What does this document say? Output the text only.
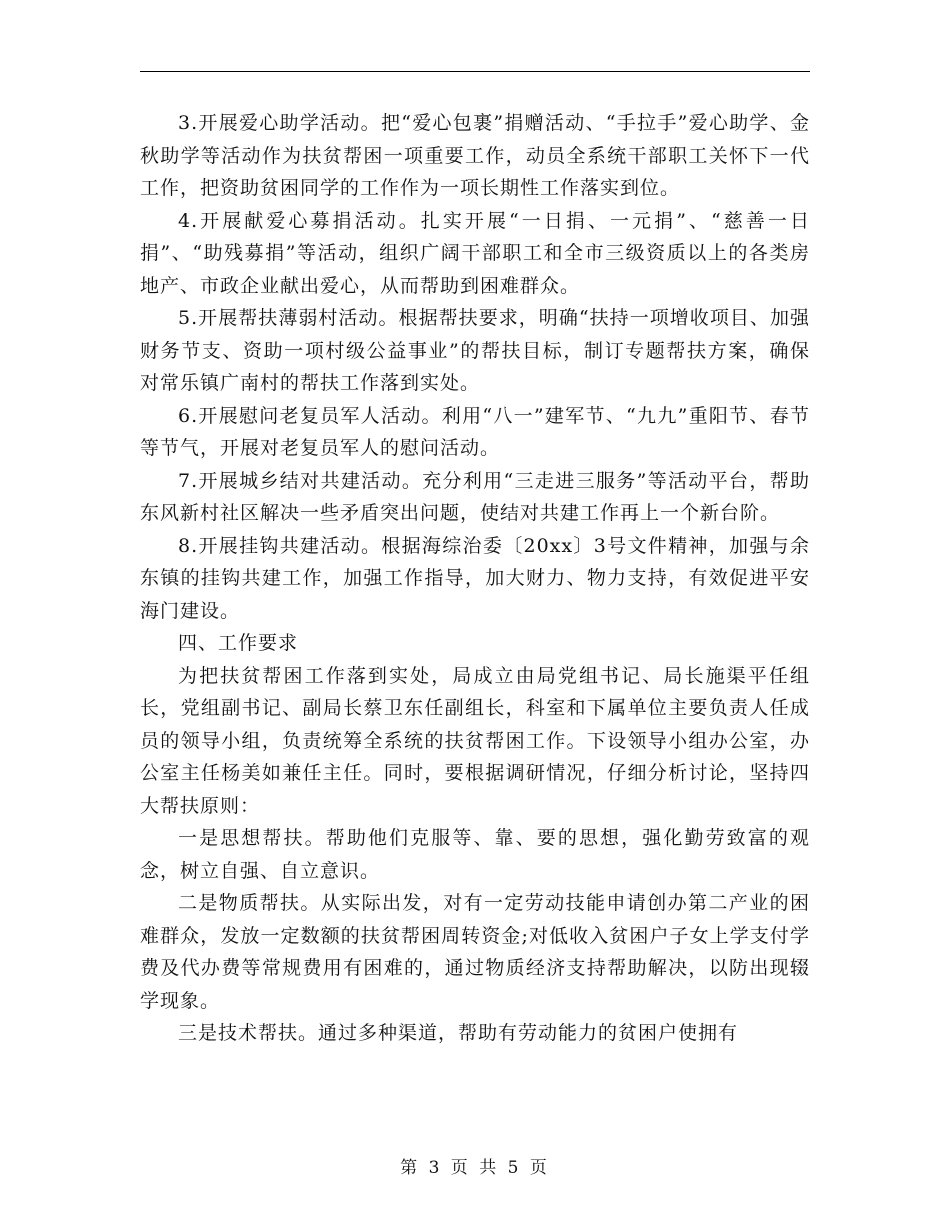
3.开展爱心助学活动。把“爱心包裹”捐赠活动、“手拉手”爱心助学、金秋助学等活动作为扶贫帮困一项重要工作，动员全系统干部职工关怀下一代工作，把资助贫困同学的工作作为一项长期性工作落实到位。

4.开展献爱心募捐活动。扎实开展“一日捐、一元捐”、“慈善一日捐”、“助残募捐”等活动，组织广阔干部职工和全市三级资质以上的各类房地产、市政企业献出爱心，从而帮助到困难群众。

5.开展帮扶薄弱村活动。根据帮扶要求，明确“扶持一项增收项目、加强财务节支、资助一项村级公益事业”的帮扶目标，制订专题帮扶方案，确保对常乐镇广南村的帮扶工作落到实处。

6.开展慰问老复员军人活动。利用“八一”建军节、“九九”重阳节、春节等节气，开展对老复员军人的慰问活动。

7.开展城乡结对共建活动。充分利用“三走进三服务”等活动平台，帮助东风新村社区解决一些矛盾突出问题，使结对共建工作再上一个新台阶。

8.开展挂钩共建活动。根据海综治委〔20xx〕3号文件精神，加强与余东镇的挂钩共建工作，加强工作指导，加大财力、物力支持，有效促进平安海门建设。

四、工作要求

为把扶贫帮困工作落到实处，局成立由局党组书记、局长施渠平任组长，党组副书记、副局长蔡卫东任副组长，科室和下属单位主要负责人任成员的领导小组，负责统筹全系统的扶贫帮困工作。下设领导小组办公室，办公室主任杨美如兼任主任。同时，要根据调研情况，仔细分析讨论，坚持四大帮扶原则：

一是思想帮扶。帮助他们克服等、靠、要的思想，强化勤劳致富的观念，树立自强、自立意识。

二是物质帮扶。从实际出发，对有一定劳动技能申请创办第二产业的困难群众，发放一定数额的扶贫帮困周转资金;对低收入贫困户子女上学支付学费及代办费等常规费用有困难的，通过物质经济支持帮助解决，以防出现辍学现象。

三是技术帮扶。通过多种渠道，帮助有劳动能力的贫困户使拥有

第 3 页 共 5 页
